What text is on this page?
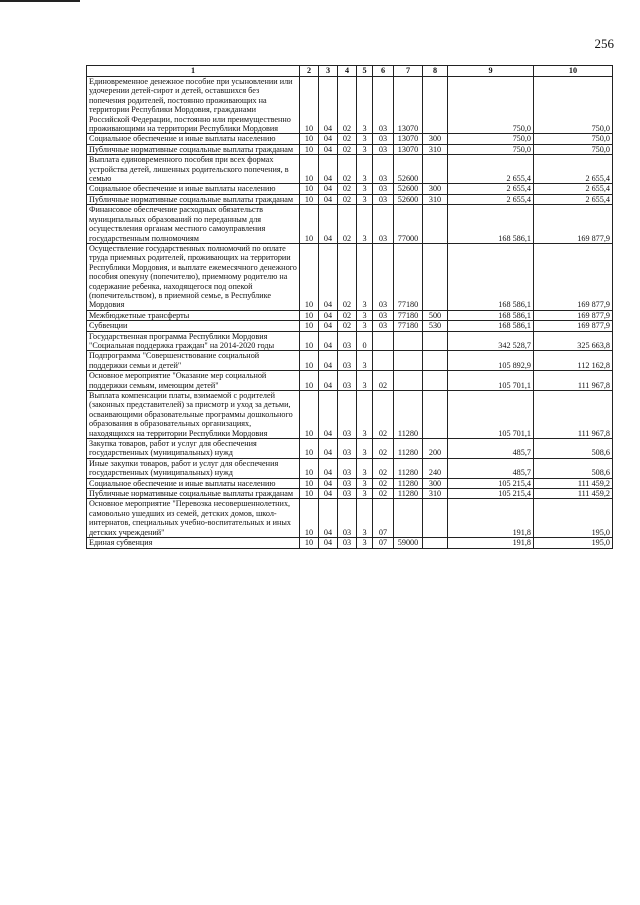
256
1	2	3	4	5	6	7	8	9	10
Единовременное денежное пособие при усыновлении или удочерении детей-сирот и детей, оставшихся без попечения родителей, постоянно проживающих на территории Республики Мордовия, гражданами Российской Федерации, постоянно или преимущественно проживающими на территории Республики Мордовия	10	04	02	3	03	13070		750,0	750,0
Социальное обеспечение и иные выплаты населению	10	04	02	3	03	13070	300	750,0	750,0
Публичные нормативные социальные выплаты гражданам	10	04	02	3	03	13070	310	750,0	750,0
Выплата единовременного пособия при всех формах устройства детей, лишенных родительского попечения, в семью	10	04	02	3	03	52600		2 655,4	2 655,4
Социальное обеспечение и иные выплаты населению	10	04	02	3	03	52600	300	2 655,4	2 655,4
Публичные нормативные социальные выплаты гражданам	10	04	02	3	03	52600	310	2 655,4	2 655,4
Финансовое обеспечение расходных обязательств муниципальных образований по переданным для осуществления органам местного самоуправления государственным полномочиям	10	04	02	3	03	77000		168 586,1	169 877,9
Осуществление государственных полномочий по оплате труда приемных родителей, проживающих на территории Республики Мордовия, и выплате ежемесячного денежного пособия опекуну (попечителю), приемному родителю на содержание ребенка, находящегося под опекой (попечительством), в приемной семье, в Республике Мордовия	10	04	02	3	03	77180		168 586,1	169 877,9
Межбюджетные трансферты	10	04	02	3	03	77180	500	168 586,1	169 877,9
Субвенции	10	04	02	3	03	77180	530	168 586,1	169 877,9
Государственная программа Республики Мордовия "Социальная поддержка граждан" на 2014-2020 годы	10	04	03	0				342 528,7	325 663,8
Подпрограмма "Совершенствование социальной поддержки семьи и детей"	10	04	03	3				105 892,9	112 162,8
Основное мероприятие "Оказание мер социальной поддержки семьям, имеющим детей"	10	04	03	3	02			105 701,1	111 967,8
Выплата компенсации платы, взимаемой с родителей (законных представителей) за присмотр и уход за детьми, осваивающими образовательные программы дошкольного образования в образовательных организациях, находящихся на территории Республики Мордовия	10	04	03	3	02	11280		105 701,1	111 967,8
Закупка товаров, работ и услуг для обеспечения государственных (муниципальных) нужд	10	04	03	3	02	11280	200	485,7	508,6
Иные закупки товаров, работ и услуг для обеспечения государственных (муниципальных) нужд	10	04	03	3	02	11280	240	485,7	508,6
Социальное обеспечение и иные выплаты населению	10	04	03	3	02	11280	300	105 215,4	111 459,2
Публичные нормативные социальные выплаты гражданам	10	04	03	3	02	11280	310	105 215,4	111 459,2
Основное мероприятие "Перевозка несовершеннолетних, самовольно ушедших из семей, детских домов, школ-интернатов, специальных учебно-воспитательных и иных детских учреждений"	10	04	03	3	07			191,8	195,0
Единая субвенция	10	04	03	3	07	59000		191,8	195,0
